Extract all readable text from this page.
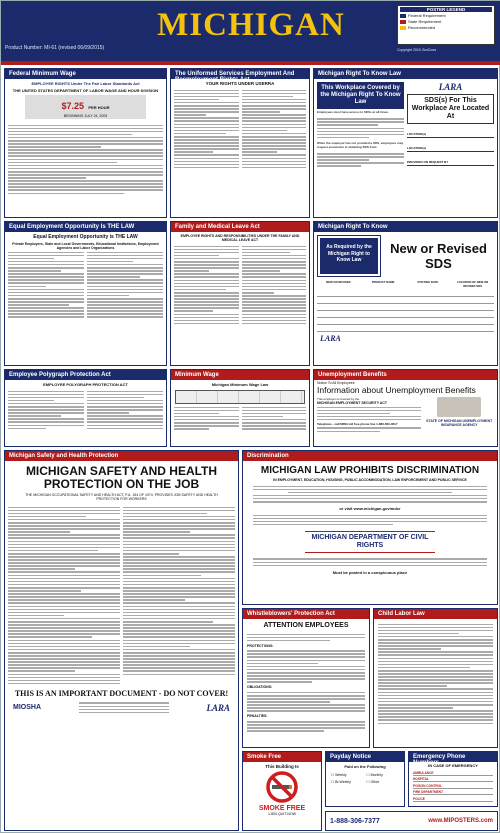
MICHIGAN
Product Number: MI-61 (revised 06/09/2015)
POSTER LEGEND
Federal Requirement
State Requirement
Recommended
Copyright 2015 GovDocs
Federal Minimum Wage
EMPLOYEE RIGHTS Under The Fair Labor Standards Act
THE UNITED STATES DEPARTMENT OF LABOR WAGE AND HOUR DIVISION
$7.25 PER HOUR
BEGINNING JULY 24, 2009
The Uniformed Services Employment And Reemployment Rights Act
YOUR RIGHTS UNDER USERRA
Michigan Right To Know Law
This Workplace Covered by the Michigan Right To Know Law
Employees must have access to SDSs at all times.
When the employer has not provided a SDS, employees may request assistance in obtaining SDS from:
LARA
SDS(s) For This Workplace Are Located At
LOCATION(s)
LOCATION(s)
PROVIDED ON REQUEST BY
Equal Employment Opportunity Is THE LAW
Equal Employment Opportunity is THE LAW
Private Employers, State and Local Governments, Educational Institutions, Employment Agencies and Labor Organizations
Family and Medical Leave Act
EMPLOYEE RIGHTS AND RESPONSIBILITIES UNDER THE FAMILY AND MEDICAL LEAVE ACT
Michigan Right To Know
As Required by the Michigan Right to Know Law
New or Revised SDS
NEW OR REVISED	PRODUCT NAME	POSTING DATE	LOCATION OF NEW OR REVISED SDS
LARA
Employee Polygraph Protection Act
EMPLOYEE POLYGRAPH PROTECTION ACT
Minimum Wage
Michigan Minimum Wage Law
Unemployment Benefits
Notice To All Employees
Information about Unemployment Benefits
This employer is covered by the
MICHIGAN EMPLOYMENT SECURITY ACT
Telephone - call MIRA toll free phone line 1-866-500-0017
STATE OF MICHIGAN UNEMPLOYMENT INSURANCE AGENCY
Michigan Safety and Health Protection
MICHIGAN SAFETY AND HEALTH PROTECTION ON THE JOB
THE MICHIGAN OCCUPATIONAL SAFETY AND HEALTH ACT, P.A. 154 OF 1974, PROVIDES JOB SAFETY AND HEALTH PROTECTION FOR WORKERS
THIS IS AN IMPORTANT DOCUMENT - DO NOT COVER!
MIOSHA	LARA
Discrimination
MICHIGAN LAW PROHIBITS DISCRIMINATION
IN EMPLOYMENT, EDUCATION, HOUSING, PUBLIC ACCOMMODATION, LAW ENFORCEMENT AND PUBLIC SERVICE
or visit www.michigan.gov/mdcr
MICHIGAN DEPARTMENT OF CIVIL RIGHTS
Must be posted in a conspicuous place
Whistleblowers' Protection Act
ATTENTION EMPLOYEES
PROTECTIONS:
OBLIGATIONS:
PENALTIES:
Child Labor Law
Smoke Free
This Building Is
SMOKE FREE
1-800-QUIT-NOW
Payday Notice
Paid on the Following
☐ Weekly	☐ Monthly
☐ Bi-Weekly	☐ Other
Emergency Phone Numbers
IN CASE OF EMERGENCY
AMBULANCE
HOSPITAL
POISON CONTROL
FIRE DEPARTMENT
POLICE
1-888-306-7377	www.MIPOSTERS.com
